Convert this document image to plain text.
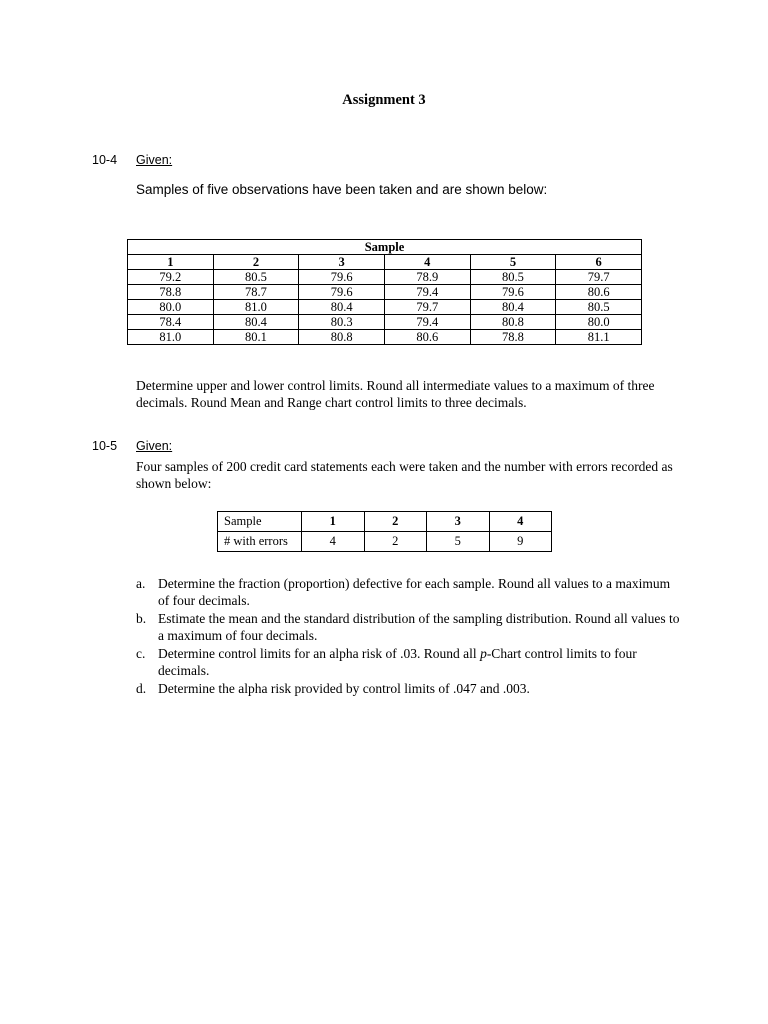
Assignment 3
10-4 Given:
Samples of five observations have been taken and are shown below:
Sample					
1	2	3	4	5	6
79.2	80.5	79.6	78.9	80.5	79.7
78.8	78.7	79.6	79.4	79.6	80.6
80.0	81.0	80.4	79.7	80.4	80.5
78.4	80.4	80.3	79.4	80.8	80.0
81.0	80.1	80.8	80.6	78.8	81.1
Determine upper and lower control limits. Round all intermediate values to a maximum of three decimals. Round Mean and Range chart control limits to three decimals.
10-5 Given:
Four samples of 200 credit card statements each were taken and the number with errors recorded as shown below:
Sample	1	2	3	4
# with errors	4	2	5	9
a. Determine the fraction (proportion) defective for each sample. Round all values to a maximum of four decimals.
b. Estimate the mean and the standard distribution of the sampling distribution. Round all values to a maximum of four decimals.
c. Determine control limits for an alpha risk of .03. Round all p-Chart control limits to four decimals.
d. Determine the alpha risk provided by control limits of .047 and .003.
